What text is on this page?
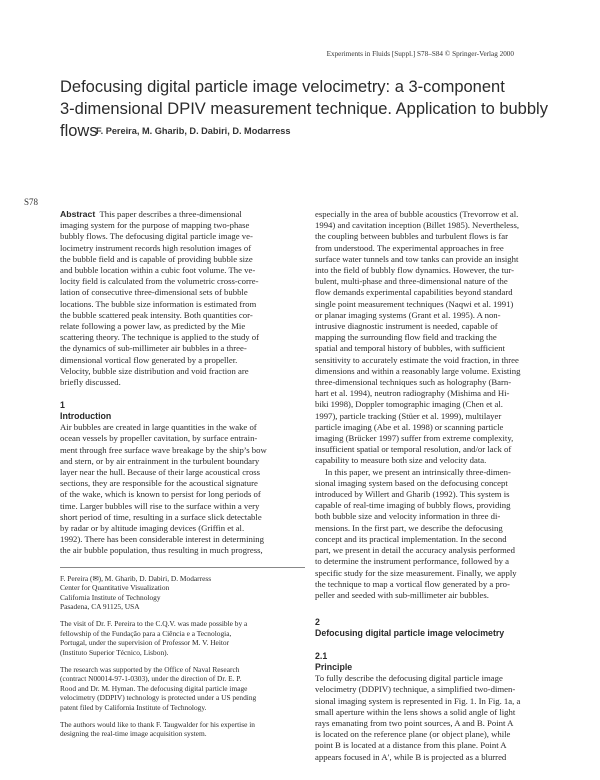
Experiments in Fluids [Suppl.] S78–S84 © Springer-Verlag 2000
Defocusing digital particle image velocimetry: a 3-component
3-dimensional DPIV measurement technique. Application to bubbly flows
F. Pereira, M. Gharib, D. Dabiri, D. Modarress
S78
Abstract This paper describes a three-dimensional
imaging system for the purpose of mapping two-phase
bubbly flows. The defocusing digital particle image ve-
locimetry instrument records high resolution images of
the bubble field and is capable of providing bubble size
and bubble location within a cubic foot volume. The ve-
locity field is calculated from the volumetric cross-corre-
lation of consecutive three-dimensional sets of bubble
locations. The bubble size information is estimated from
the bubble scattered peak intensity. Both quantities cor-
relate following a power law, as predicted by the Mie
scattering theory. The technique is applied to the study of
the dynamics of sub-millimeter air bubbles in a three-
dimensional vortical flow generated by a propeller.
Velocity, bubble size distribution and void fraction are
briefly discussed.
1
Introduction
Air bubbles are created in large quantities in the wake of
ocean vessels by propeller cavitation, by surface entrain-
ment through free surface wave breakage by the ship’s bow
and stern, or by air entrainment in the turbulent boundary
layer near the hull. Because of their large acoustical cross
sections, they are responsible for the acoustical signature
of the wake, which is known to persist for long periods of
time. Larger bubbles will rise to the surface within a very
short period of time, resulting in a surface slick detectable
by radar or by altitude imaging devices (Griffin et al.
1992). There has been considerable interest in determining
the air bubble population, thus resulting in much progress,
F. Pereira (✉), M. Gharib, D. Dabiri, D. Modarress
Center for Quantitative Visualization
California Institute of Technology
Pasadena, CA 91125, USA
The visit of Dr. F. Pereira to the C.Q.V. was made possible by a
fellowship of the Fundação para a Ciência e a Tecnologia,
Portugal, under the supervision of Professor M. V. Heitor
(Instituto Superior Técnico, Lisbon).
The research was supported by the Office of Naval Research
(contract N00014-97-1-0303), under the direction of Dr. E. P.
Rood and Dr. M. Hyman. The defocusing digital particle image
velocimetry (DDPIV) technology is protected under a US pending
patent filed by California Institute of Technology.
The authors would like to thank F. Taugwalder for his expertise in
designing the real-time image acquisition system.
especially in the area of bubble acoustics (Trevorrow et al.
1994) and cavitation inception (Billet 1985). Nevertheless,
the coupling between bubbles and turbulent flows is far
from understood. The experimental approaches in free
surface water tunnels and tow tanks can provide an insight
into the field of bubbly flow dynamics. However, the tur-
bulent, multi-phase and three-dimensional nature of the
flow demands experimental capabilities beyond standard
single point measurement techniques (Naqwi et al. 1991)
or planar imaging systems (Grant et al. 1995). A non-
intrusive diagnostic instrument is needed, capable of
mapping the surrounding flow field and tracking the
spatial and temporal history of bubbles, with sufficient
sensitivity to accurately estimate the void fraction, in three
dimensions and within a reasonably large volume. Existing
three-dimensional techniques such as holography (Barn-
hart et al. 1994), neutron radiography (Mishima and Hi-
biki 1998), Doppler tomographic imaging (Chen et al.
1997), particle tracking (Stüer et al. 1999), multilayer
particle imaging (Abe et al. 1998) or scanning particle
imaging (Brücker 1997) suffer from extreme complexity,
insufficient spatial or temporal resolution, and/or lack of
capability to measure both size and velocity data.
In this paper, we present an intrinsically three-dimen-
sional imaging system based on the defocusing concept
introduced by Willert and Gharib (1992). This system is
capable of real-time imaging of bubbly flows, providing
both bubble size and velocity information in three di-
mensions. In the first part, we describe the defocusing
concept and its practical implementation. In the second
part, we present in detail the accuracy analysis performed
to determine the instrument performance, followed by a
specific study for the size measurement. Finally, we apply
the technique to map a vortical flow generated by a pro-
peller and seeded with sub-millimeter air bubbles.
2
Defocusing digital particle image velocimetry
2.1
Principle
To fully describe the defocusing digital particle image
velocimetry (DDPIV) technique, a simplified two-dimen-
sional imaging system is represented in Fig. 1. In Fig. 1a, a
small aperture within the lens shows a solid angle of light
rays emanating from two point sources, A and B. Point A
is located on the reference plane (or object plane), while
point B is located at a distance from this plane. Point A
appears focused in A′, while B is projected as a blurred
